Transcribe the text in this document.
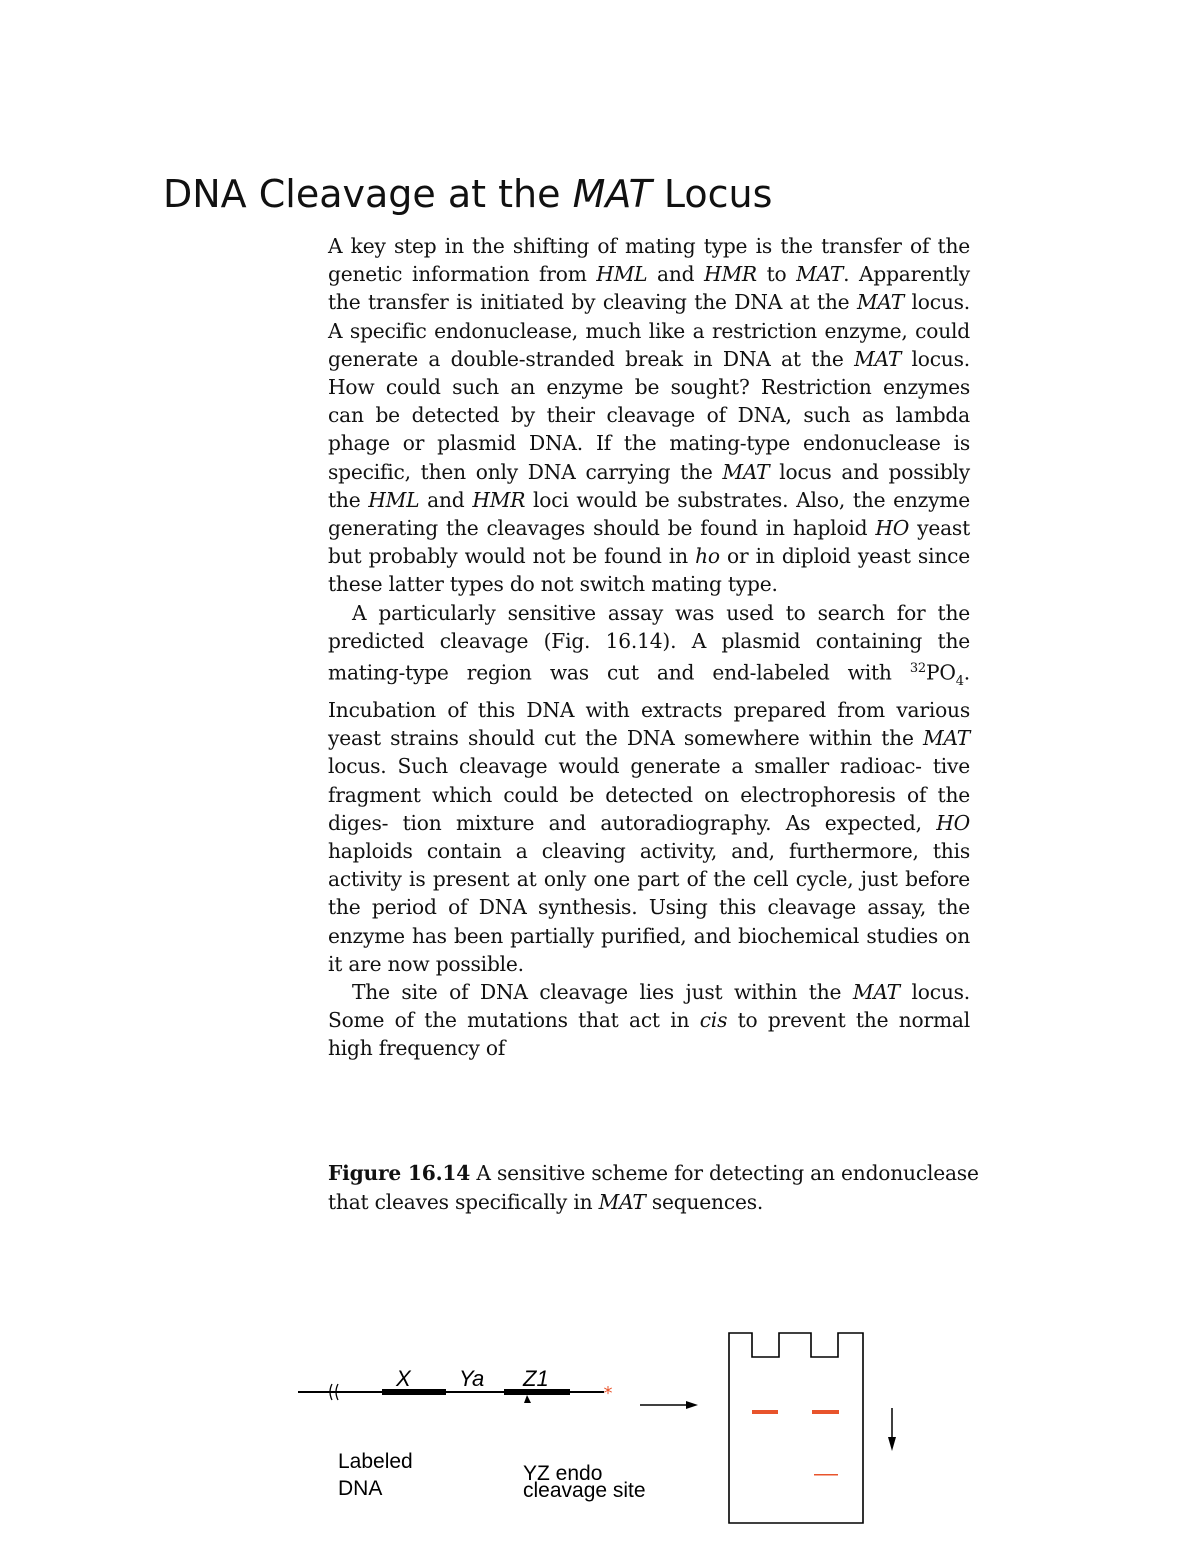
DNA Cleavage at the MAT Locus

A key step in the shifting of mating type is the transfer of the genetic information from HML and HMR to MAT. Apparently the transfer is initiated by cleaving the DNA at the MAT locus. A specific endonuclease, much like a restriction enzyme, could generate a double-stranded break in DNA at the MAT locus. How could such an enzyme be sought? Restriction enzymes can be detected by their cleavage of DNA, such as lambda phage or plasmid DNA. If the mating-type endonuclease is specific, then only DNA carrying the MAT locus and possibly the HML and HMR loci would be substrates. Also, the enzyme generating the cleavages should be found in haploid HO yeast but probably would not be found in ho or in diploid yeast since these latter types do not switch mating type.

A particularly sensitive assay was used to search for the predicted cleavage (Fig. 16.14). A plasmid containing the mating-type region was cut and end-labeled with $^{32}PO_4$. Incubation of this DNA with extracts prepared from various yeast strains should cut the DNA somewhere within the MAT locus. Such cleavage would generate a smaller radioac- tive fragment which could be detected on electrophoresis of the diges- tion mixture and autoradiography. As expected, HO haploids contain a cleaving activity, and, furthermore, this activity is present at only one part of the cell cycle, just before the period of DNA synthesis. Using this cleavage assay, the enzyme has been partially purified, and biochemical studies on it are now possible.

The site of DNA cleavage lies just within the MAT locus. Some of the mutations that act in cis to prevent the normal high frequency of

Figure 16.14 A sensitive scheme for detecting an endonuclease that cleaves specifically in MAT sequences.
*
X Ya Z1
Labeled
DNA
YZ endo
cleavage site
